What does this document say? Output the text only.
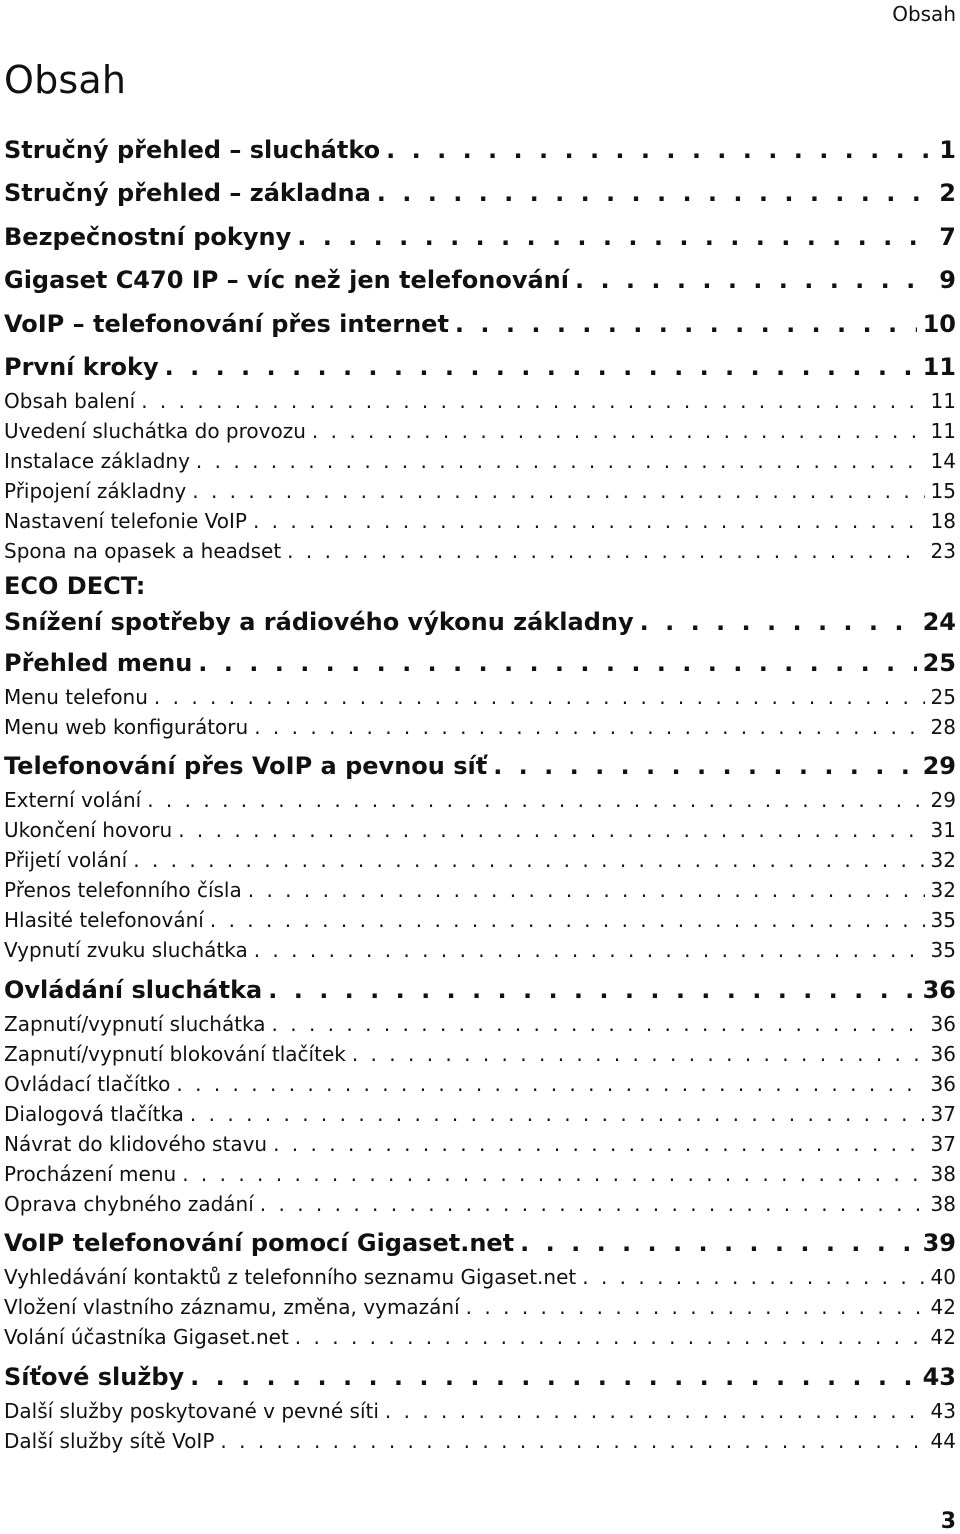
Obsah
Obsah
Stručný přehled – sluchátko . . .	1
Stručný přehled – základna . . .	2
Bezpečnostní pokyny . . .	7
Gigaset C470 IP – víc než jen telefonování . . .	9
VoIP – telefonování přes internet . . .	10
První kroky . . .	11
Obsah balení . . .	11
Uvedení sluchátka do provozu . . .	11
Instalace základny . . .	14
Připojení základny . . .	15
Nastavení telefonie VoIP . . .	18
Spona na opasek a headset . . .	23
ECO DECT:
Snížení spotřeby a rádiového výkonu základny . . .	24
Přehled menu . . .	25
Menu telefonu . . .	25
Menu web konfigurátoru . . .	28
Telefonování přes VoIP a pevnou síť . . .	29
Externí volání . . .	29
Ukončení hovoru . . .	31
Přijetí volání . . .	32
Přenos telefonního čísla . . .	32
Hlasité telefonování . . .	35
Vypnutí zvuku sluchátka . . .	35
Ovládání sluchátka . . .	36
Zapnutí/vypnutí sluchátka . . .	36
Zapnutí/vypnutí blokování tlačítek . . .	36
Ovládací tlačítko . . .	36
Dialogová tlačítka . . .	37
Návrat do klidového stavu . . .	37
Procházení menu . . .	38
Oprava chybného zadání . . .	38
VoIP telefonování pomocí Gigaset.net . . .	39
Vyhledávání kontaktů z telefonního seznamu Gigaset.net . . .	40
Vložení vlastního záznamu, změna, vymazání . . .	42
Volání účastníka Gigaset.net . . .	42
Síťové služby . . .	43
Další služby poskytované v pevné síti . . .	43
Další služby sítě VoIP . . .	44
3
